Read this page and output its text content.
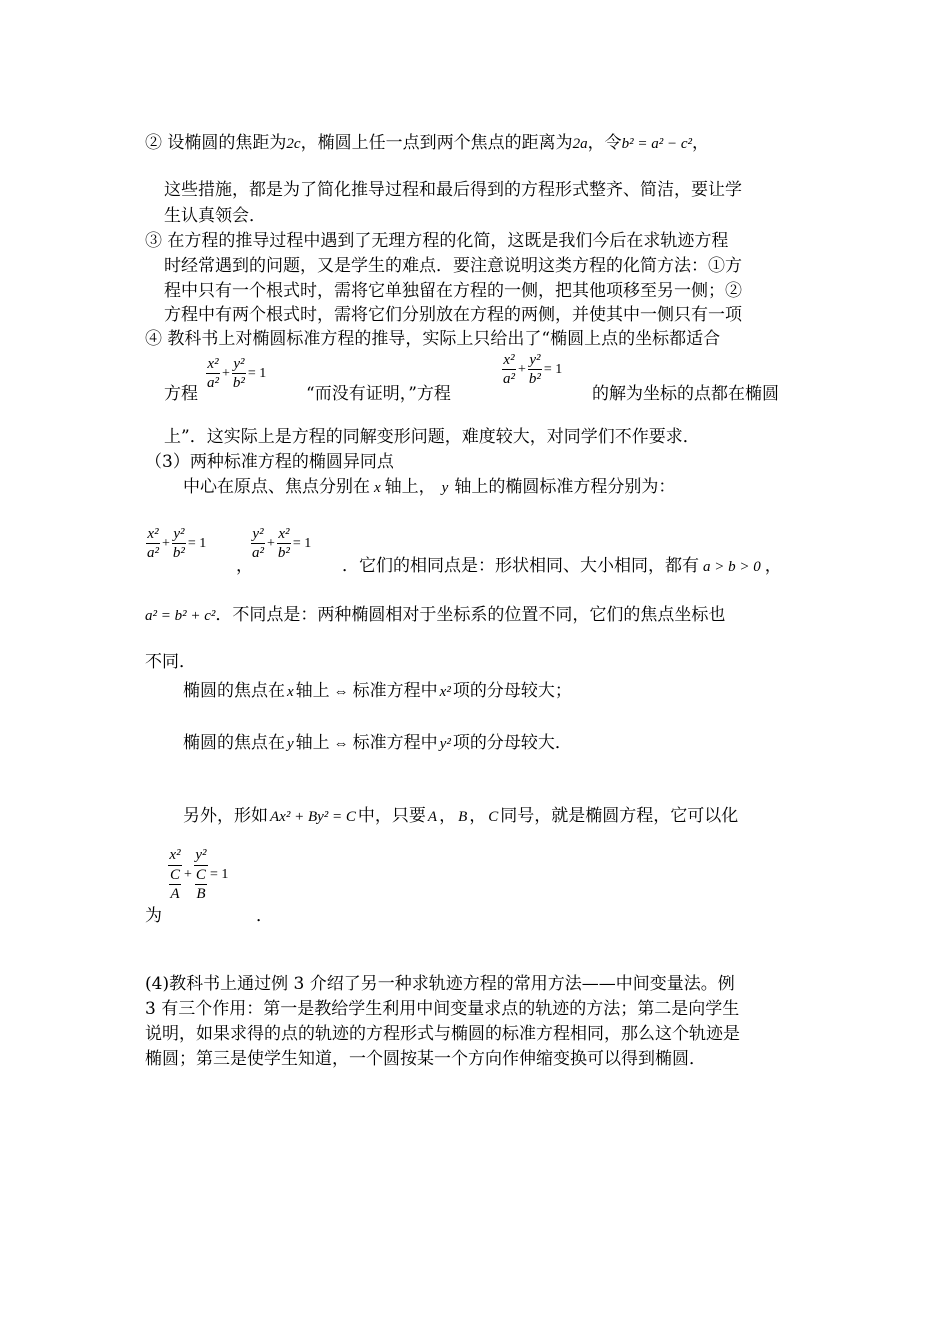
② 设椭圆的焦距为2c，椭圆上任一点到两个焦点的距离为2a，令b² = a² − c²，
这些措施，都是为了简化推导过程和最后得到的方程形式整齐、简洁，要让学
生认真领会．
③ 在方程的推导过程中遇到了无理方程的化简，这既是我们今后在求轨迹方程
时经常遇到的问题，又是学生的难点．要注意说明这类方程的化简方法：①方
程中只有一个根式时，需将它单独留在方程的一侧，把其他项移至另一侧；②
方程中有两个根式时，需将它们分别放在方程的两侧，并使其中一侧只有一项
④ 教科书上对椭圆标准方程的推导，实际上只给出了“椭圆上点的坐标都适合
方程
$\frac{\text{x²}}{\text{a²}} + \frac{\text{y²}}{\text{b²}} = 1$
“而没有证明，”方程
$\frac{\text{x²}}{\text{a²}} + \frac{\text{y²}}{\text{b²}} = 1$
的解为坐标的点都在椭圆
上”．这实际上是方程的同解变形问题，难度较大，对同学们不作要求．
（3）两种标准方程的椭圆异同点
中心在原点、焦点分别在 x 轴上， y 轴上的椭圆标准方程分别为：
$\frac{\text{x²}}{\text{a²}} + \frac{\text{y²}}{\text{b²}} = 1$
，
$\frac{\text{y²}}{\text{a²}} + \frac{\text{x²}}{\text{b²}} = 1$
．它们的相同点是：形状相同、大小相同，都有 a > b > 0 ，
a² = b² + c²．不同点是：两种椭圆相对于坐标系的位置不同，它们的焦点坐标也
不同．
椭圆的焦点在 x 轴上 ⇔ 标准方程中 x² 项的分母较大；
椭圆的焦点在 y 轴上 ⇔ 标准方程中 y² 项的分母较大．
另外，形如 Ax² + By² = C 中，只要 A ， B ， C 同号，就是椭圆方程，它可以化
$\frac{\text{x²}}{\frac{C}{A}} + \frac{\text{y²}}{\frac{C}{B}} = 1$
为	．
(4)教科书上通过例 3 介绍了另一种求轨迹方程的常用方法——中间变量法。例
3 有三个作用：第一是教给学生利用中间变量求点的轨迹的方法；第二是向学生
说明，如果求得的点的轨迹的方程形式与椭圆的标准方程相同，那么这个轨迹是
椭圆；第三是使学生知道，一个圆按某一个方向作伸缩变换可以得到椭圆．
